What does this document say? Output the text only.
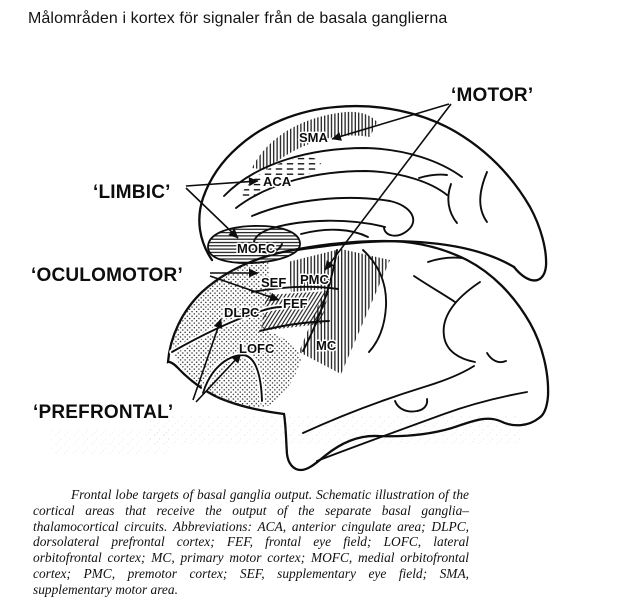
Målområden i kortex för signaler från de basala ganglierna
SMA
ACA
MOFC
SEF PMC
FEF
DLPC
LOFC	MC
‘MOTOR’
‘LIMBIC’
‘OCULOMOTOR’
‘PREFRONTAL’

Frontal lobe targets of basal ganglia output. Schematic illustration of the cortical areas that receive the output of the separate basal ganglia–thalamocortical circuits. Abbreviations: ACA, anterior cingulate area; DLPC, dorsolateral prefrontal cortex; FEF, frontal eye field; LOFC, lateral orbitofrontal cortex; MC, primary motor cortex; MOFC, medial orbitofrontal cortex; PMC, premotor cortex; SEF, supplementary eye field; SMA, supplementary motor area.
